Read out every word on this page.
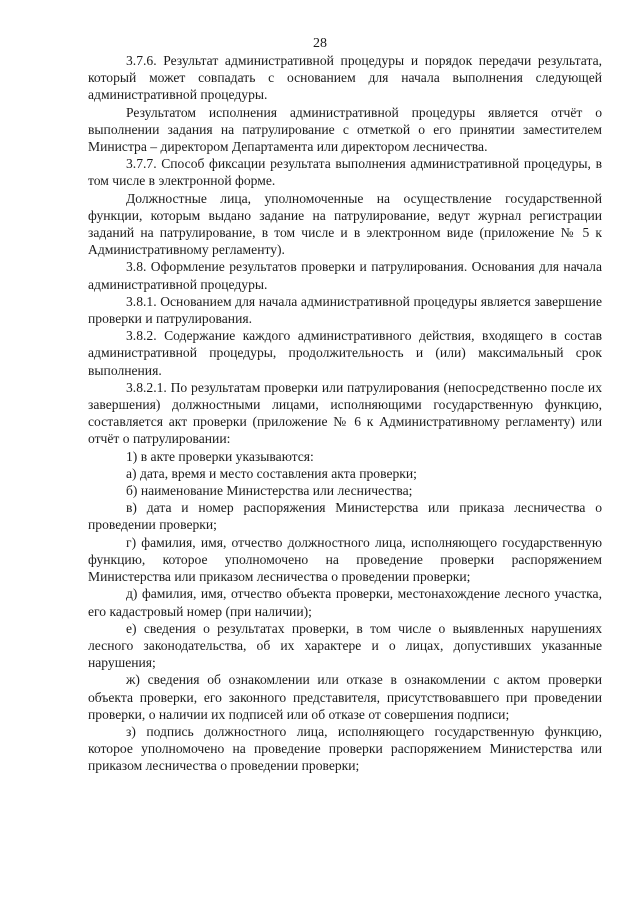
28

3.7.6. Результат административной процедуры и порядок передачи результата, который может совпадать с основанием для начала выполнения следующей административной процедуры.

Результатом исполнения административной процедуры является отчёт о выполнении задания на патрулирование с отметкой о его принятии заместителем Министра – директором Департамента или директором лесничества.

3.7.7. Способ фиксации результата выполнения административной процедуры, в том числе в электронной форме.

Должностные лица, уполномоченные на осуществление государственной функции, которым выдано задание на патрулирование, ведут журнал регистрации заданий на патрулирование, в том числе и в электронном виде (приложение № 5 к Административному регламенту).

3.8. Оформление результатов проверки и патрулирования. Основания для начала административной процедуры.

3.8.1. Основанием для начала административной процедуры является завершение проверки и патрулирования.

3.8.2. Содержание каждого административного действия, входящего в состав административной процедуры, продолжительность и (или) максимальный срок выполнения.

3.8.2.1. По результатам проверки или патрулирования (непосредственно после их завершения) должностными лицами, исполняющими государственную функцию, составляется акт проверки (приложение № 6 к Административному регламенту) или отчёт о патрулировании:

1) в акте проверки указываются:

а) дата, время и место составления акта проверки;

б) наименование Министерства или лесничества;

в) дата и номер распоряжения Министерства или приказа лесничества о проведении проверки;

г) фамилия, имя, отчество должностного лица, исполняющего государственную функцию, которое уполномочено на проведение проверки распоряжением Министерства или приказом лесничества о проведении проверки;

д) фамилия, имя, отчество объекта проверки, местонахождение лесного участка, его кадастровый номер (при наличии);

е) сведения о результатах проверки, в том числе о выявленных нарушениях лесного законодательства, об их характере и о лицах, допустивших указанные нарушения;

ж) сведения об ознакомлении или отказе в ознакомлении с актом проверки объекта проверки, его законного представителя, присутствовавшего при проведении проверки, о наличии их подписей или об отказе от совершения подписи;

з) подпись должностного лица, исполняющего государственную функцию, которое уполномочено на проведение проверки распоряжением Министерства или приказом лесничества о проведении проверки;
